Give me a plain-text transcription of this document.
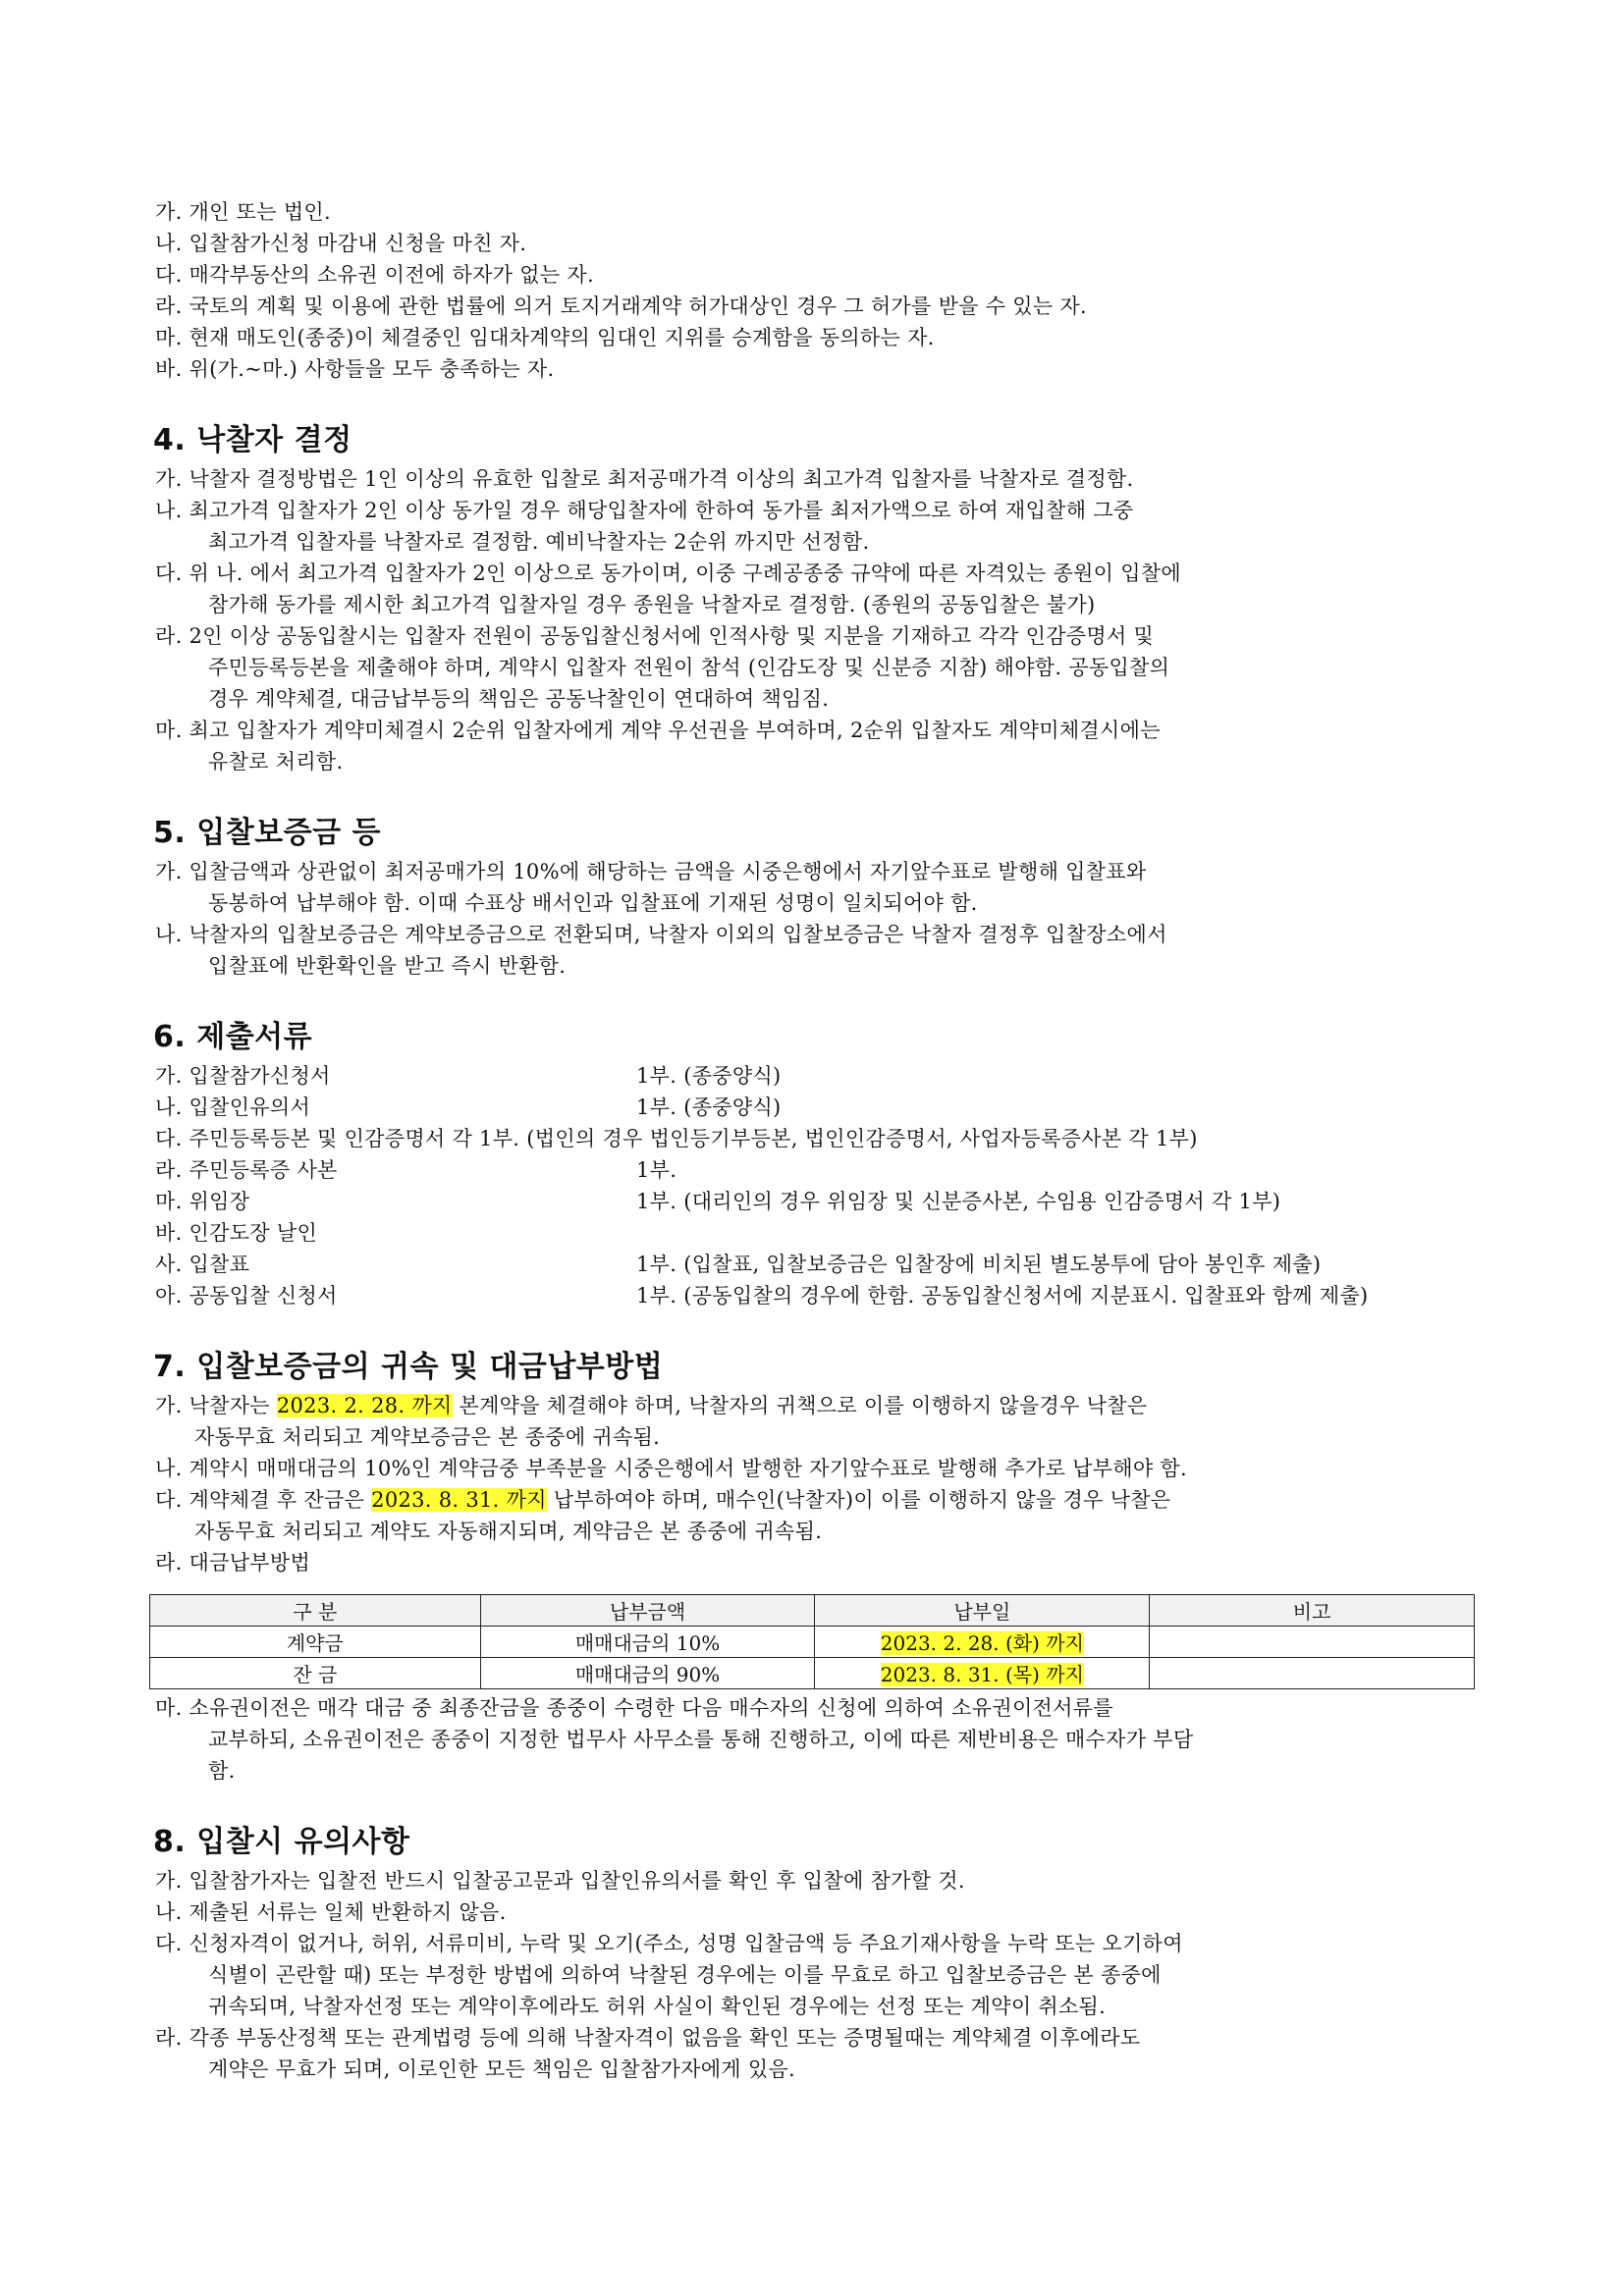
가. 개인 또는 법인.
나. 입찰참가신청 마감내 신청을 마친 자.
다. 매각부동산의 소유권 이전에 하자가 없는 자.
라. 국토의 계획 및 이용에 관한 법률에 의거 토지거래계약 허가대상인 경우 그 허가를 받을 수 있는 자.
마. 현재 매도인(종중)이 체결중인 임대차계약의 임대인 지위를 승계함을 동의하는 자.
바. 위(가.~마.) 사항들을 모두 충족하는 자.
4. 낙찰자 결정
가. 낙찰자 결정방법은 1인 이상의 유효한 입찰로 최저공매가격 이상의 최고가격 입찰자를 낙찰자로 결정함.
나. 최고가격 입찰자가 2인 이상 동가일 경우 해당입찰자에 한하여 동가를 최저가액으로 하여 재입찰해 그중
최고가격 입찰자를 낙찰자로 결정함. 예비낙찰자는 2순위 까지만 선정함.
다. 위 나. 에서 최고가격 입찰자가 2인 이상으로 동가이며, 이중 구례공종중 규약에 따른 자격있는 종원이 입찰에
참가해 동가를 제시한 최고가격 입찰자일 경우 종원을 낙찰자로 결정함. (종원의 공동입찰은 불가)
라. 2인 이상 공동입찰시는 입찰자 전원이 공동입찰신청서에 인적사항 및 지분을 기재하고 각각 인감증명서 및
주민등록등본을 제출해야 하며, 계약시 입찰자 전원이 참석 (인감도장 및 신분증 지참) 해야함. 공동입찰의
경우 계약체결, 대금납부등의 책임은 공동낙찰인이 연대하여 책임짐.
마. 최고 입찰자가 계약미체결시 2순위 입찰자에게 계약 우선권을 부여하며, 2순위 입찰자도 계약미체결시에는
유찰로 처리함.
5. 입찰보증금 등
가. 입찰금액과 상관없이 최저공매가의 10%에 해당하는 금액을 시중은행에서 자기앞수표로 발행해 입찰표와
동봉하여 납부해야 함. 이때 수표상 배서인과 입찰표에 기재된 성명이 일치되어야 함.
나. 낙찰자의 입찰보증금은 계약보증금으로 전환되며, 낙찰자 이외의 입찰보증금은 낙찰자 결정후 입찰장소에서
입찰표에 반환확인을 받고 즉시 반환함.
6. 제출서류
가. 입찰참가신청서	1부. (종중양식)
나. 입찰인유의서	1부. (종중양식)
다. 주민등록등본 및 인감증명서 각 1부. (법인의 경우 법인등기부등본, 법인인감증명서, 사업자등록증사본 각 1부)
라. 주민등록증 사본	1부.
마. 위임장	1부. (대리인의 경우 위임장 및 신분증사본, 수임용 인감증명서 각 1부)
바. 인감도장 날인
사. 입찰표	1부. (입찰표, 입찰보증금은 입찰장에 비치된 별도봉투에 담아 봉인후 제출)
아. 공동입찰 신청서	1부. (공동입찰의 경우에 한함. 공동입찰신청서에 지분표시. 입찰표와 함께 제출)
7. 입찰보증금의 귀속 및 대금납부방법
가. 낙찰자는 2023. 2. 28. 까지 본계약을 체결해야 하며, 낙찰자의 귀책으로 이를 이행하지 않을경우 낙찰은
자동무효 처리되고 계약보증금은 본 종중에 귀속됨.
나. 계약시 매매대금의 10%인 계약금중 부족분을 시중은행에서 발행한 자기앞수표로 발행해 추가로 납부해야 함.
다. 계약체결 후 잔금은 2023. 8. 31. 까지 납부하여야 하며, 매수인(낙찰자)이 이를 이행하지 않을 경우 낙찰은
자동무효 처리되고 계약도 자동해지되며, 계약금은 본 종중에 귀속됨.
라. 대금납부방법
구 분	납부금액	납부일	비고
계약금	매매대금의 10%	2023. 2. 28. (화) 까지	
잔 금	매매대금의 90%	2023. 8. 31. (목) 까지	
마. 소유권이전은 매각 대금 중 최종잔금을 종중이 수령한 다음 매수자의 신청에 의하여 소유권이전서류를
교부하되, 소유권이전은 종중이 지정한 법무사 사무소를 통해 진행하고, 이에 따른 제반비용은 매수자가 부담
함.
8. 입찰시 유의사항
가. 입찰참가자는 입찰전 반드시 입찰공고문과 입찰인유의서를 확인 후 입찰에 참가할 것.
나. 제출된 서류는 일체 반환하지 않음.
다. 신청자격이 없거나, 허위, 서류미비, 누락 및 오기(주소, 성명 입찰금액 등 주요기재사항을 누락 또는 오기하여
식별이 곤란할 때) 또는 부정한 방법에 의하여 낙찰된 경우에는 이를 무효로 하고 입찰보증금은 본 종중에
귀속되며, 낙찰자선정 또는 계약이후에라도 허위 사실이 확인된 경우에는 선정 또는 계약이 취소됨.
라. 각종 부동산정책 또는 관계법령 등에 의해 낙찰자격이 없음을 확인 또는 증명될때는 계약체결 이후에라도
계약은 무효가 되며, 이로인한 모든 책임은 입찰참가자에게 있음.
